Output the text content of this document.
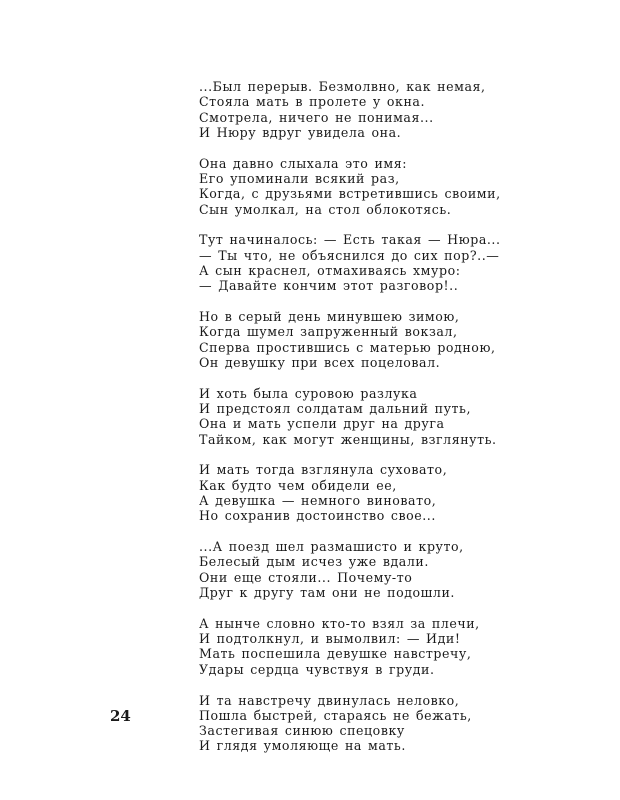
...Был перерыв. Безмолвно, как немая,
Стояла мать в пролете у окна.
Смотрела, ничего не понимая...
И Нюру вдруг увидела она.
Она давно слыхала это имя:
Его упоминали всякий раз,
Когда, с друзьями встретившись своими,
Сын умолкал, на стол облокотясь.
Тут начиналось: — Есть такая — Нюра...
— Ты что, не объяснился до сих пор?..—
А сын краснел, отмахиваясь хмуро:
— Давайте кончим этот разговор!..
Но в серый день минувшею зимою,
Когда шумел запруженный вокзал,
Сперва простившись с матерью родною,
Он девушку при всех поцеловал.
И хоть была суровою разлука
И предстоял солдатам дальний путь,
Она и мать успели друг на друга
Тайком, как могут женщины, взглянуть.
И мать тогда взглянула суховато,
Как будто чем обидели ее,
А девушка — немного виновато,
Но сохранив достоинство свое...
...А поезд шел размашисто и круто,
Белесый дым исчез уже вдали.
Они еще стояли... Почему-то
Друг к другу там они не подошли.
А нынче словно кто-то взял за плечи,
И подтолкнул, и вымолвил: — Иди!
Мать поспешила девушке навстречу,
Удары сердца чувствуя в груди.
И та навстречу двинулась неловко,
Пошла быстрей, стараясь не бежать,
Застегивая синюю спецовку
И глядя умоляюще на мать.
24
